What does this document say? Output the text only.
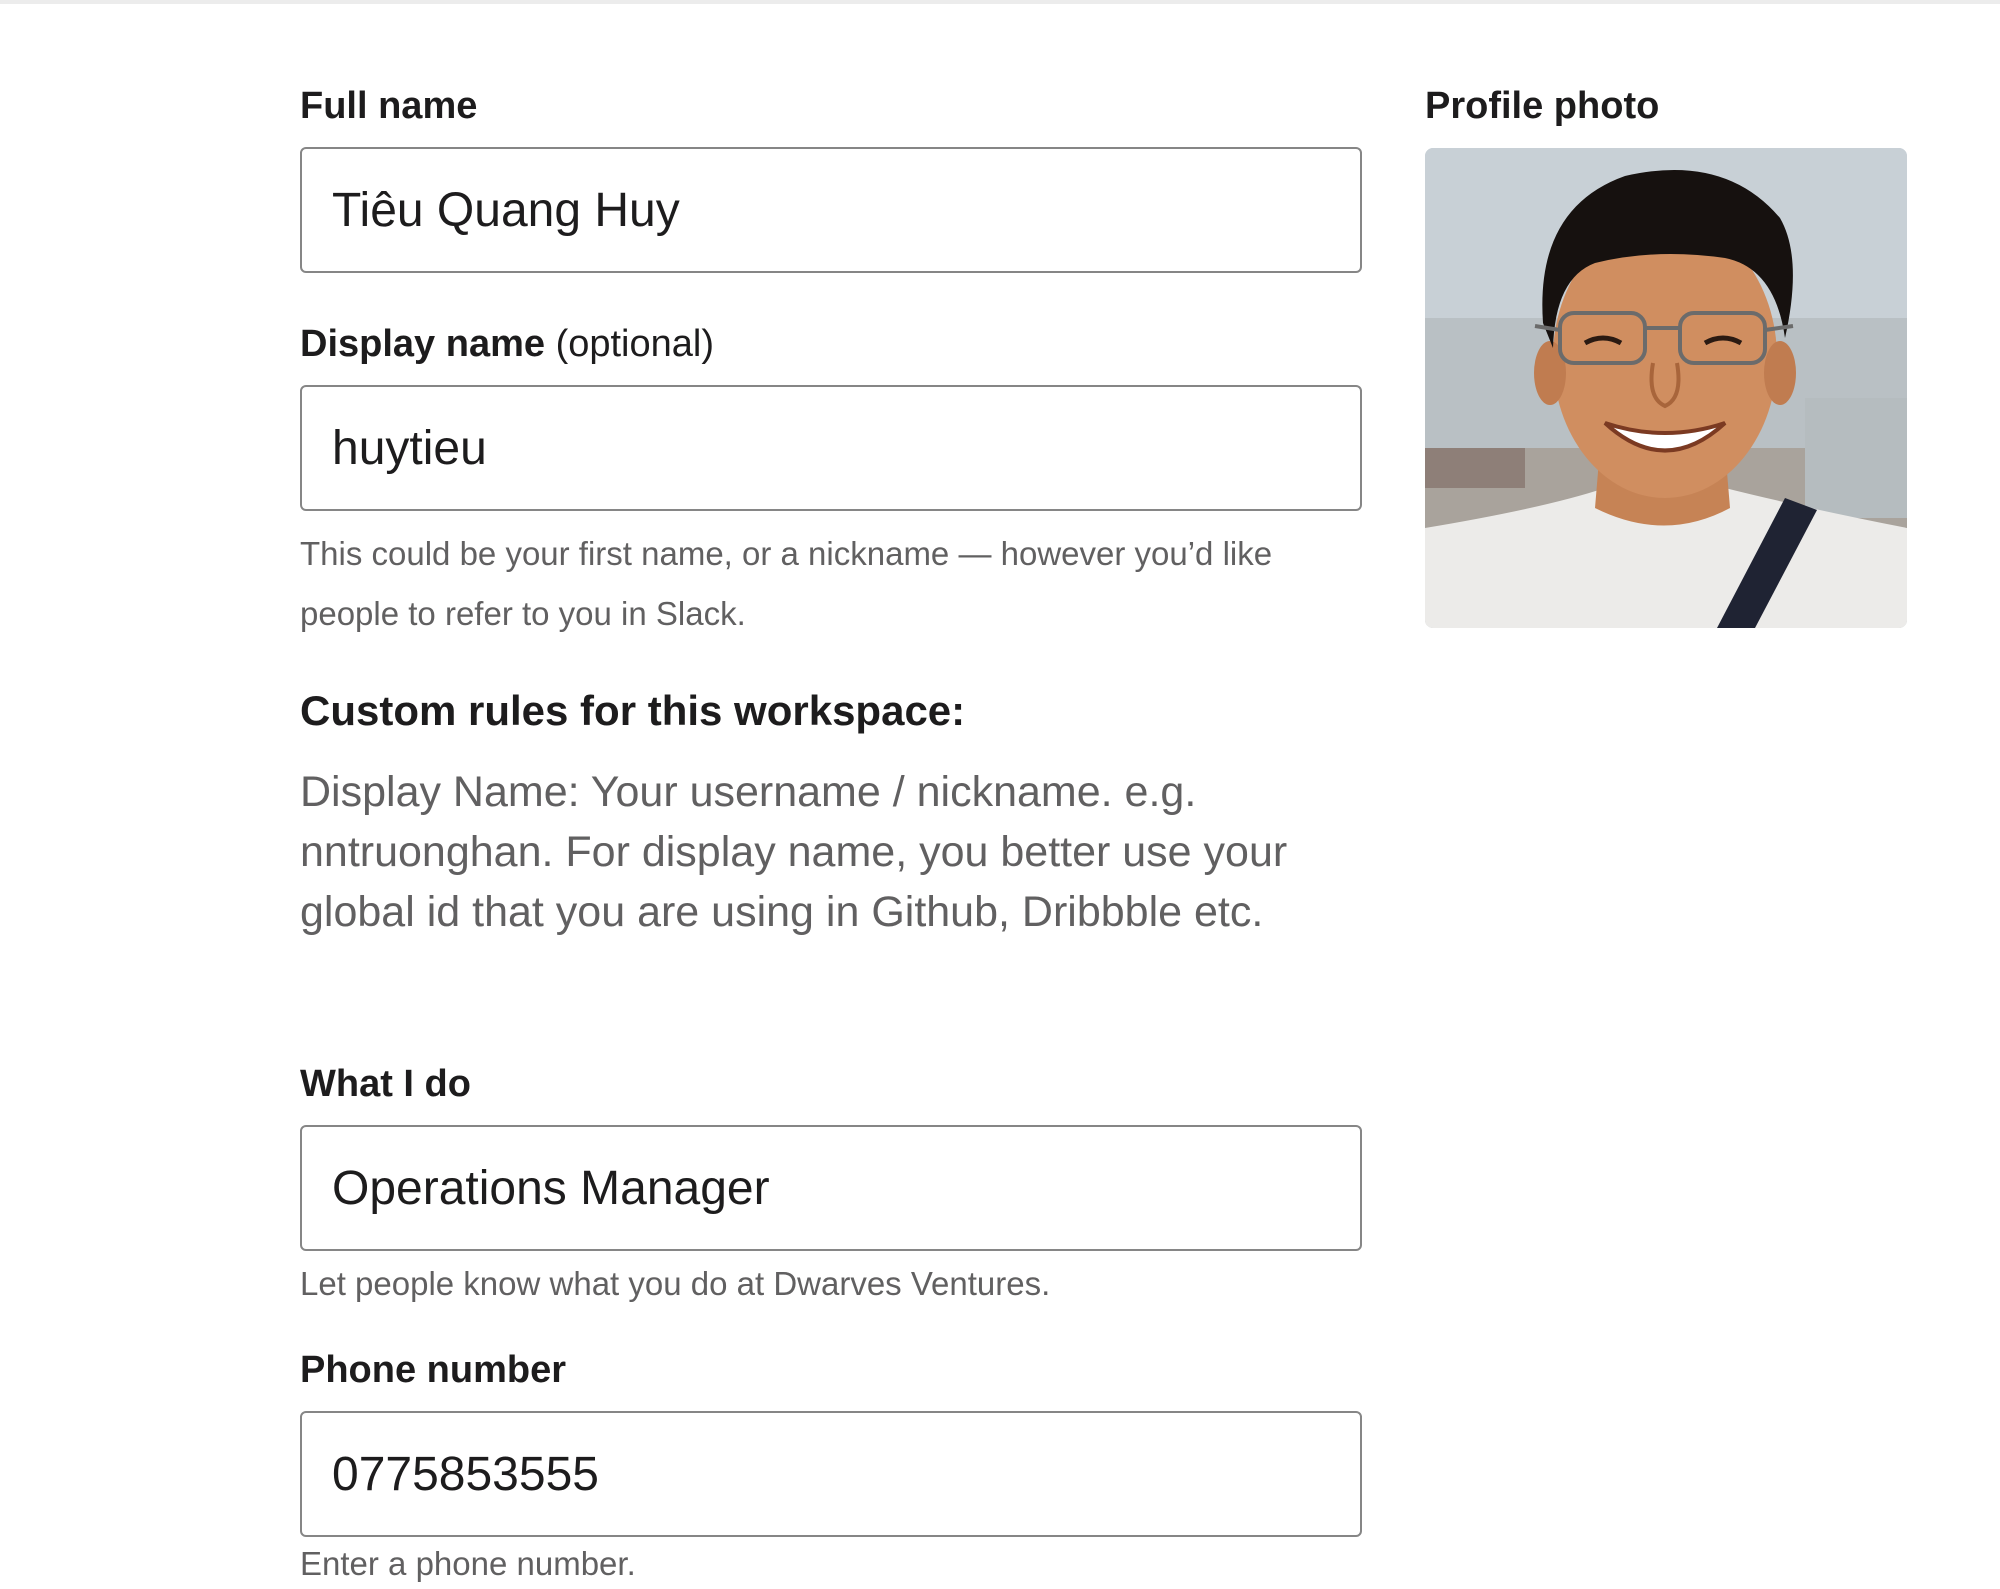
Full name
Tiêu Quang Huy
Display name (optional)
huytieu
This could be your first name, or a nickname — however you’d like people to refer to you in Slack.
Custom rules for this workspace:
Display Name: Your username / nickname. e.g. nntruonghan. For display name, you better use your global id that you are using in Github, Dribbble etc.
What I do
Operations Manager
Let people know what you do at Dwarves Ventures.
Phone number
0775853555
Enter a phone number.
Profile photo
